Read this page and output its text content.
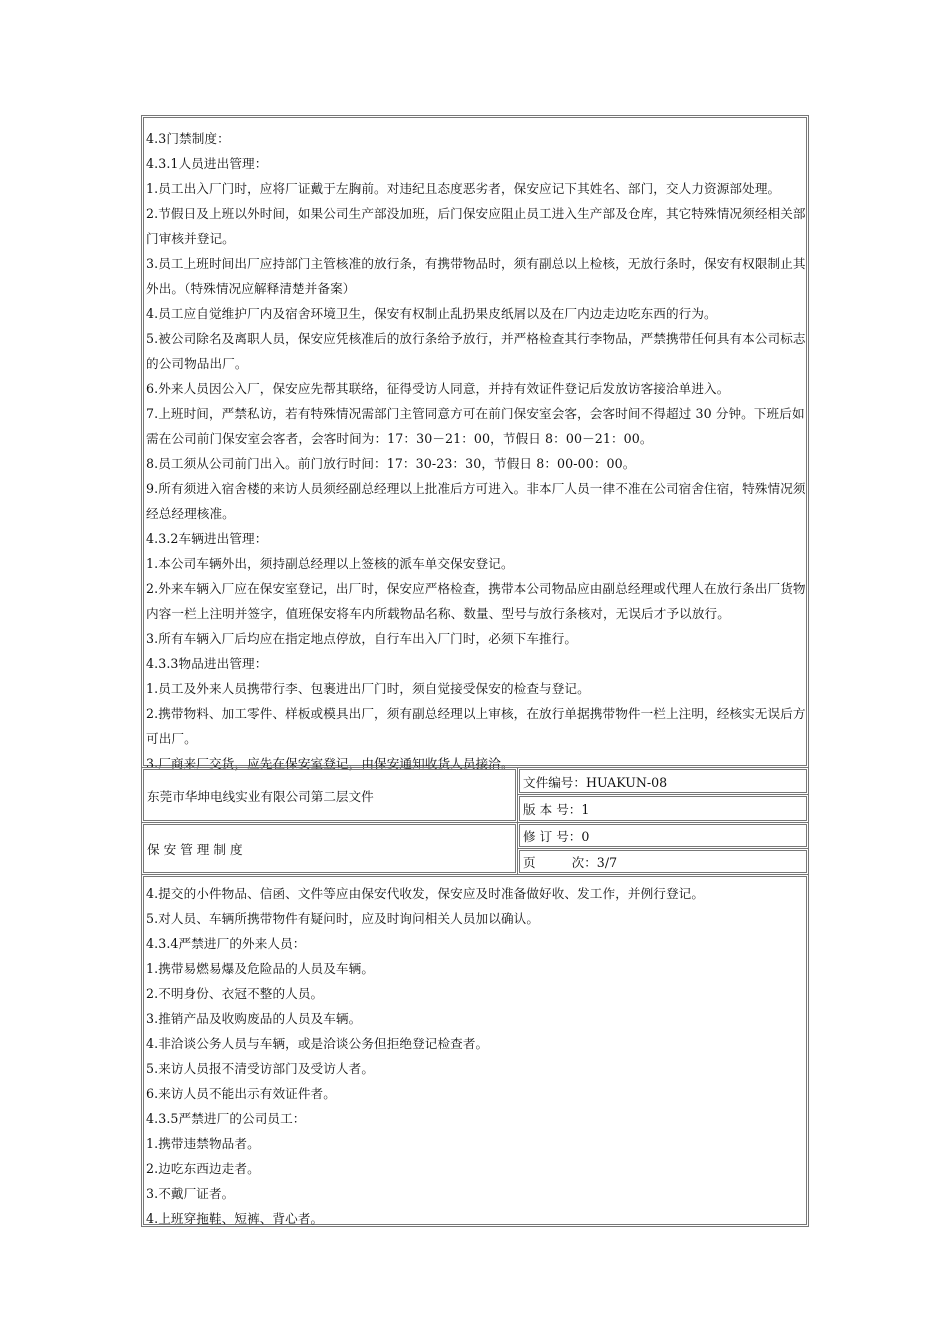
4.3门禁制度：
4.3.1人员进出管理：
1.员工出入厂门时，应将厂证戴于左胸前。对违纪且态度恶劣者，保安应记下其姓名、部门，交人力资源部处理。
2.节假日及上班以外时间，如果公司生产部没加班，后门保安应阻止员工进入生产部及仓库，其它特殊情况须经相关部
门审核并登记。
3.员工上班时间出厂应持部门主管核准的放行条，有携带物品时，须有副总以上检核，无放行条时，保安有权限制止其
外出。（特殊情况应解释清楚并备案）
4.员工应自觉维护厂内及宿舍环境卫生，保安有权制止乱扔果皮纸屑以及在厂内边走边吃东西的行为。
5.被公司除名及离职人员，保安应凭核准后的放行条给予放行，并严格检查其行李物品，严禁携带任何具有本公司标志
的公司物品出厂。
6.外来人员因公入厂，保安应先帮其联络，征得受访人同意，并持有效证件登记后发放访客接洽单进入。
7.上班时间，严禁私访，若有特殊情况需部门主管同意方可在前门保安室会客，会客时间不得超过 30 分钟。下班后如
需在公司前门保安室会客者，会客时间为：17：30－21：00，节假日 8：00－21：00。
8.员工须从公司前门出入。前门放行时间：17：30-23：30，节假日 8：00-00：00。
9.所有须进入宿舍楼的来访人员须经副总经理以上批准后方可进入。非本厂人员一律不准在公司宿舍住宿，特殊情况须
经总经理核准。
4.3.2车辆进出管理：
1.本公司车辆外出，须持副总经理以上签核的派车单交保安登记。
2.外来车辆入厂应在保安室登记，出厂时，保安应严格检查，携带本公司物品应由副总经理或代理人在放行条出厂货物
内容一栏上注明并签字，值班保安将车内所载物品名称、数量、型号与放行条核对，无误后才予以放行。
3.所有车辆入厂后均应在指定地点停放，自行车出入厂门时，必须下车推行。
4.3.3物品进出管理：
1.员工及外来人员携带行李、包裹进出厂门时，须自觉接受保安的检查与登记。
2.携带物料、加工零件、样板或模具出厂，须有副总经理以上审核，在放行单据携带物件一栏上注明，经核实无误后方
可出厂。
3.厂商来厂交货，应先在保安室登记，由保安通知收货人员接洽。
东莞市华坤电线实业有限公司第二层文件
保 安 管 理 制 度
文件编号：HUAKUN-08
版 本 号：1
修 订 号：0
页         次：3/7
4.提交的小件物品、信函、文件等应由保安代收发，保安应及时准备做好收、发工作，并例行登记。
5.对人员、车辆所携带物件有疑问时，应及时询问相关人员加以确认。
4.3.4严禁进厂的外来人员：
1.携带易燃易爆及危险品的人员及车辆。
2.不明身份、衣冠不整的人员。
3.推销产品及收购废品的人员及车辆。
4.非洽谈公务人员与车辆，或是洽谈公务但拒绝登记检查者。
5.来访人员报不清受访部门及受访人者。
6.来访人员不能出示有效证件者。
4.3.5严禁进厂的公司员工：
1.携带违禁物品者。
2.边吃东西边走者。
3.不戴厂证者。
4.上班穿拖鞋、短裤、背心者。
